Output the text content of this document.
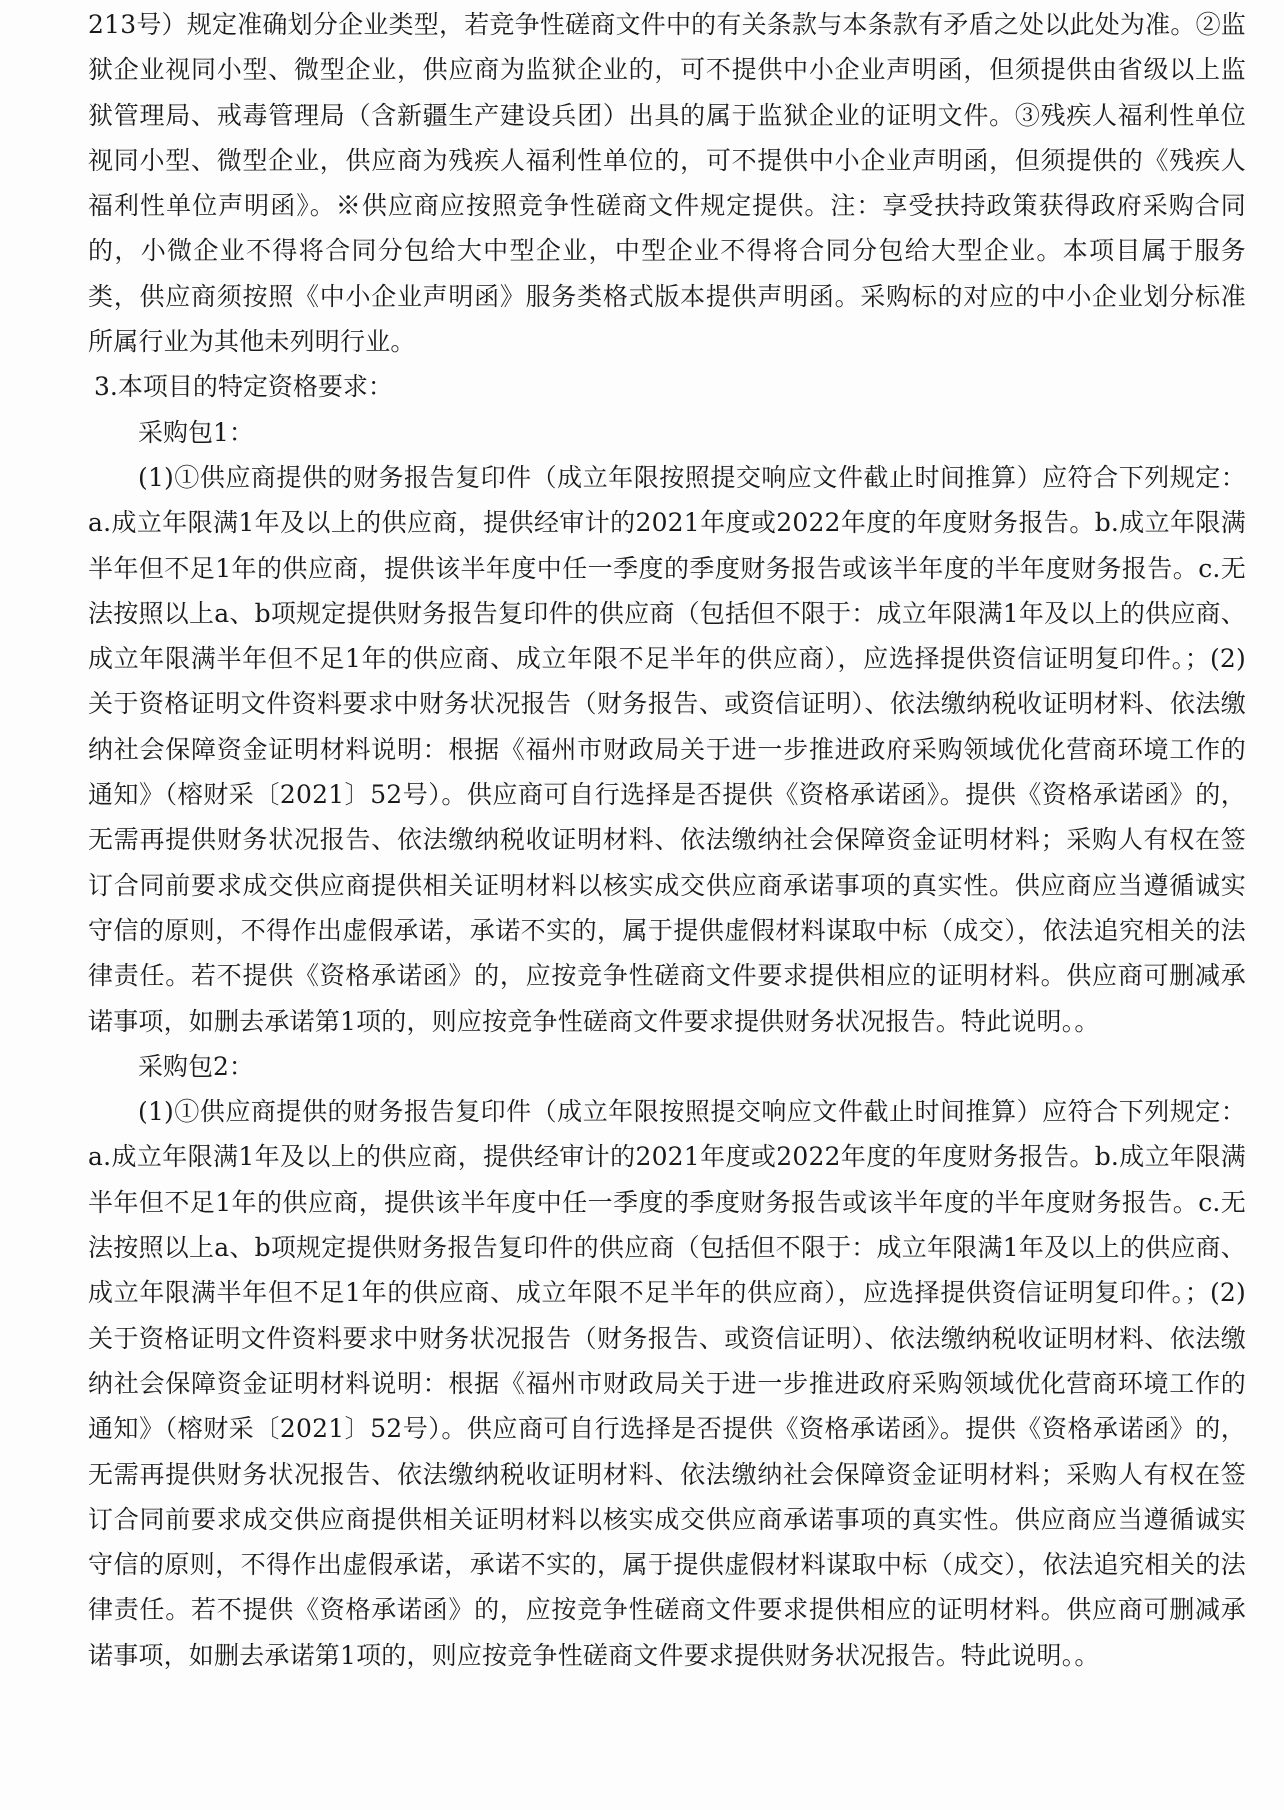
213号）规定准确划分企业类型，若竞争性磋商文件中的有关条款与本条款有矛盾之处以此处为准。②监狱企业视同小型、微型企业，供应商为监狱企业的，可不提供中小企业声明函，但须提供由省级以上监狱管理局、戒毒管理局（含新疆生产建设兵团）出具的属于监狱企业的证明文件。③残疾人福利性单位视同小型、微型企业，供应商为残疾人福利性单位的，可不提供中小企业声明函，但须提供的《残疾人福利性单位声明函》。※供应商应按照竞争性磋商文件规定提供。注：享受扶持政策获得政府采购合同的，小微企业不得将合同分包给大中型企业，中型企业不得将合同分包给大型企业。本项目属于服务类，供应商须按照《中小企业声明函》服务类格式版本提供声明函。采购标的对应的中小企业划分标准所属行业为其他未列明行业。

3.本项目的特定资格要求：

采购包1：

(1)①供应商提供的财务报告复印件（成立年限按照提交响应文件截止时间推算）应符合下列规定：a.成立年限满1年及以上的供应商，提供经审计的2021年度或2022年度的年度财务报告。b.成立年限满半年但不足1年的供应商，提供该半年度中任一季度的季度财务报告或该半年度的半年度财务报告。c.无法按照以上a、b项规定提供财务报告复印件的供应商（包括但不限于：成立年限满1年及以上的供应商、成立年限满半年但不足1年的供应商、成立年限不足半年的供应商），应选择提供资信证明复印件。；(2)关于资格证明文件资料要求中财务状况报告（财务报告、或资信证明）、依法缴纳税收证明材料、依法缴纳社会保障资金证明材料说明：根据《福州市财政局关于进一步推进政府采购领域优化营商环境工作的通知》（榕财采〔2021〕52号）。供应商可自行选择是否提供《资格承诺函》。提供《资格承诺函》的，无需再提供财务状况报告、依法缴纳税收证明材料、依法缴纳社会保障资金证明材料；采购人有权在签订合同前要求成交供应商提供相关证明材料以核实成交供应商承诺事项的真实性。供应商应当遵循诚实守信的原则，不得作出虚假承诺，承诺不实的，属于提供虚假材料谋取中标（成交），依法追究相关的法律责任。若不提供《资格承诺函》的，应按竞争性磋商文件要求提供相应的证明材料。供应商可删减承诺事项，如删去承诺第1项的，则应按竞争性磋商文件要求提供财务状况报告。特此说明。。

采购包2：

(1)①供应商提供的财务报告复印件（成立年限按照提交响应文件截止时间推算）应符合下列规定：a.成立年限满1年及以上的供应商，提供经审计的2021年度或2022年度的年度财务报告。b.成立年限满半年但不足1年的供应商，提供该半年度中任一季度的季度财务报告或该半年度的半年度财务报告。c.无法按照以上a、b项规定提供财务报告复印件的供应商（包括但不限于：成立年限满1年及以上的供应商、成立年限满半年但不足1年的供应商、成立年限不足半年的供应商），应选择提供资信证明复印件。；(2)关于资格证明文件资料要求中财务状况报告（财务报告、或资信证明）、依法缴纳税收证明材料、依法缴纳社会保障资金证明材料说明：根据《福州市财政局关于进一步推进政府采购领域优化营商环境工作的通知》（榕财采〔2021〕52号）。供应商可自行选择是否提供《资格承诺函》。提供《资格承诺函》的，无需再提供财务状况报告、依法缴纳税收证明材料、依法缴纳社会保障资金证明材料；采购人有权在签订合同前要求成交供应商提供相关证明材料以核实成交供应商承诺事项的真实性。供应商应当遵循诚实守信的原则，不得作出虚假承诺，承诺不实的，属于提供虚假材料谋取中标（成交），依法追究相关的法律责任。若不提供《资格承诺函》的，应按竞争性磋商文件要求提供相应的证明材料。供应商可删减承诺事项，如删去承诺第1项的，则应按竞争性磋商文件要求提供财务状况报告。特此说明。。
